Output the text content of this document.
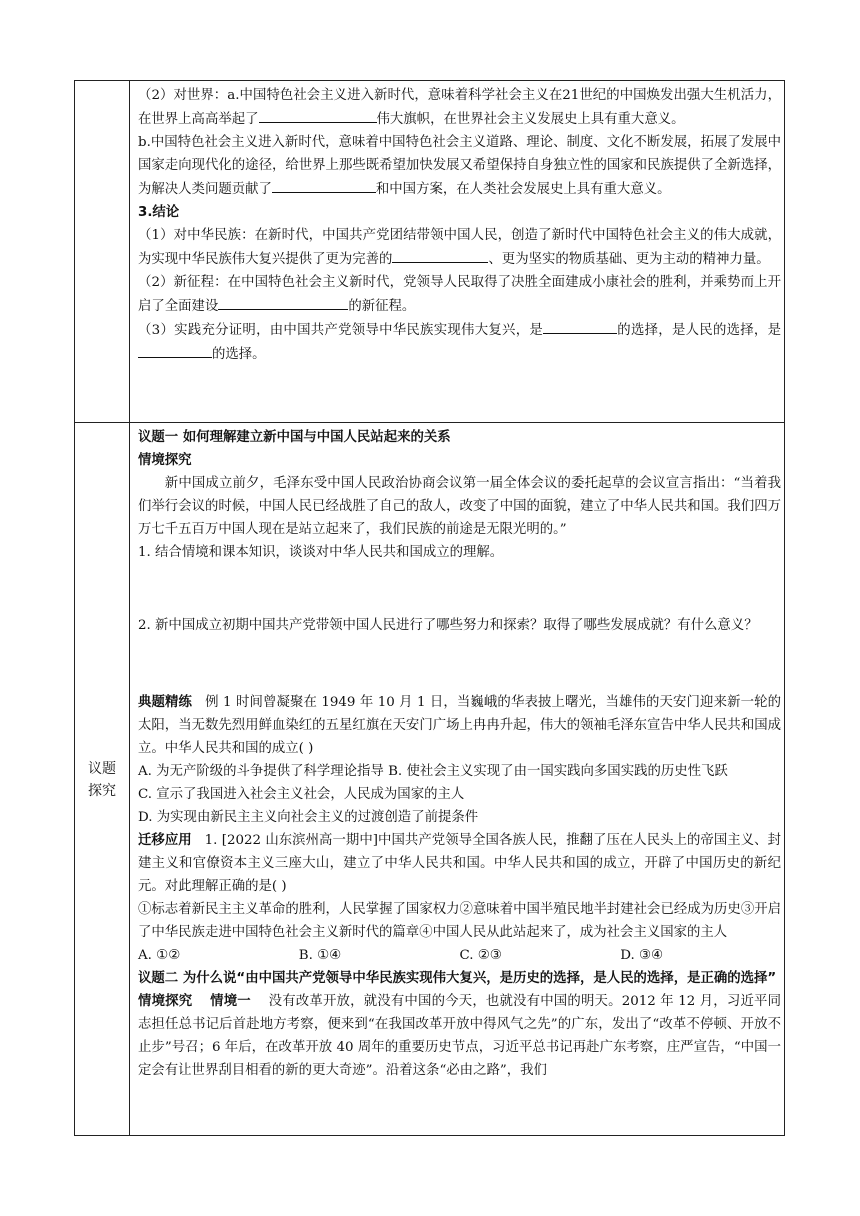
议题
探究

（2）对世界：a.中国特色社会主义进入新时代，意味着科学社会主义在21世纪的中国焕发出强大生机活力，在世界上高高举起了	伟大旗帜，在世界社会主义发展史上具有重大意义。

b.中国特色社会主义进入新时代，意味着中国特色社会主义道路、理论、制度、文化不断发展，拓展了发展中国家走向现代化的途径，给世界上那些既希望加快发展又希望保持自身独立性的国家和民族提供了全新选择，为解决人类问题贡献了	和中国方案，在人类社会发展史上具有重大意义。

3.结论

（1）对中华民族：在新时代，中国共产党团结带领中国人民，创造了新时代中国特色社会主义的伟大成就，为实现中华民族伟大复兴提供了更为完善的	、更为坚实的物质基础、更为主动的精神力量。

（2）新征程：在中国特色社会主义新时代，党领导人民取得了决胜全面建成小康社会的胜利，并乘势而上开启了全面建设	的新征程。

（3）实践充分证明，由中国共产党领导中华民族实现伟大复兴，是	的选择，是人民的选择，是的选择。

议题一 如何理解建立新中国与中国人民站起来的关系

情境探究

新中国成立前夕，毛泽东受中国人民政治协商会议第一届全体会议的委托起草的会议宣言指出：“当着我们举行会议的时候，中国人民已经战胜了自己的敌人，改变了中国的面貌，建立了中华人民共和国。我们四万万七千五百万中国人现在是站立起来了，我们民族的前途是无限光明的。”

1. 结合情境和课本知识，谈谈对中华人民共和国成立的理解。

2. 新中国成立初期中国共产党带领中国人民进行了哪些努力和探索？取得了哪些发展成就？有什么意义？

典题精练 例 1 时间曾凝聚在 1949 年 10 月 1 日，当巍峨的华表披上曙光，当雄伟的天安门迎来新一轮的太阳，当无数先烈用鲜血染红的五星红旗在天安门广场上冉冉升起，伟大的领袖毛泽东宣告中华人民共和国成立。中华人民共和国的成立( )

A. 为无产阶级的斗争提供了科学理论指导 B. 使社会主义实现了由一国实践向多国实践的历史性飞跃

C. 宣示了我国进入社会主义社会，人民成为国家的主人

D. 为实现由新民主主义向社会主义的过渡创造了前提条件

迁移应用 1. [2022 山东滨州高一期中]中国共产党领导全国各族人民，推翻了压在人民头上的帝国主义、封建主义和官僚资本主义三座大山，建立了中华人民共和国。中华人民共和国的成立，开辟了中国历史的新纪元。对此理解正确的是( )

①标志着新民主主义革命的胜利，人民掌握了国家权力②意味着中国半殖民地半封建社会已经成为历史③开启了中华民族走进中国特色社会主义新时代的篇章④中国人民从此站起来了，成为社会主义国家的主人

A. ①②	B. ①④	C. ②③	D. ③④

议题二 为什么说“由中国共产党领导中华民族实现伟大复兴，是历史的选择，是人民的选择，是正确的选择”

情境探究 情境一 没有改革开放，就没有中国的今天，也就没有中国的明天。2012 年 12 月，习近平同志担任总书记后首赴地方考察，便来到“在我国改革开放中得风气之先”的广东，发出了“改革不停顿、开放不止步”号召；6 年后，在改革开放 40 周年的重要历史节点，习近平总书记再赴广东考察，庄严宣告，“中国一定会有让世界刮目相看的新的更大奇迹”。沿着这条“必由之路”，我们
